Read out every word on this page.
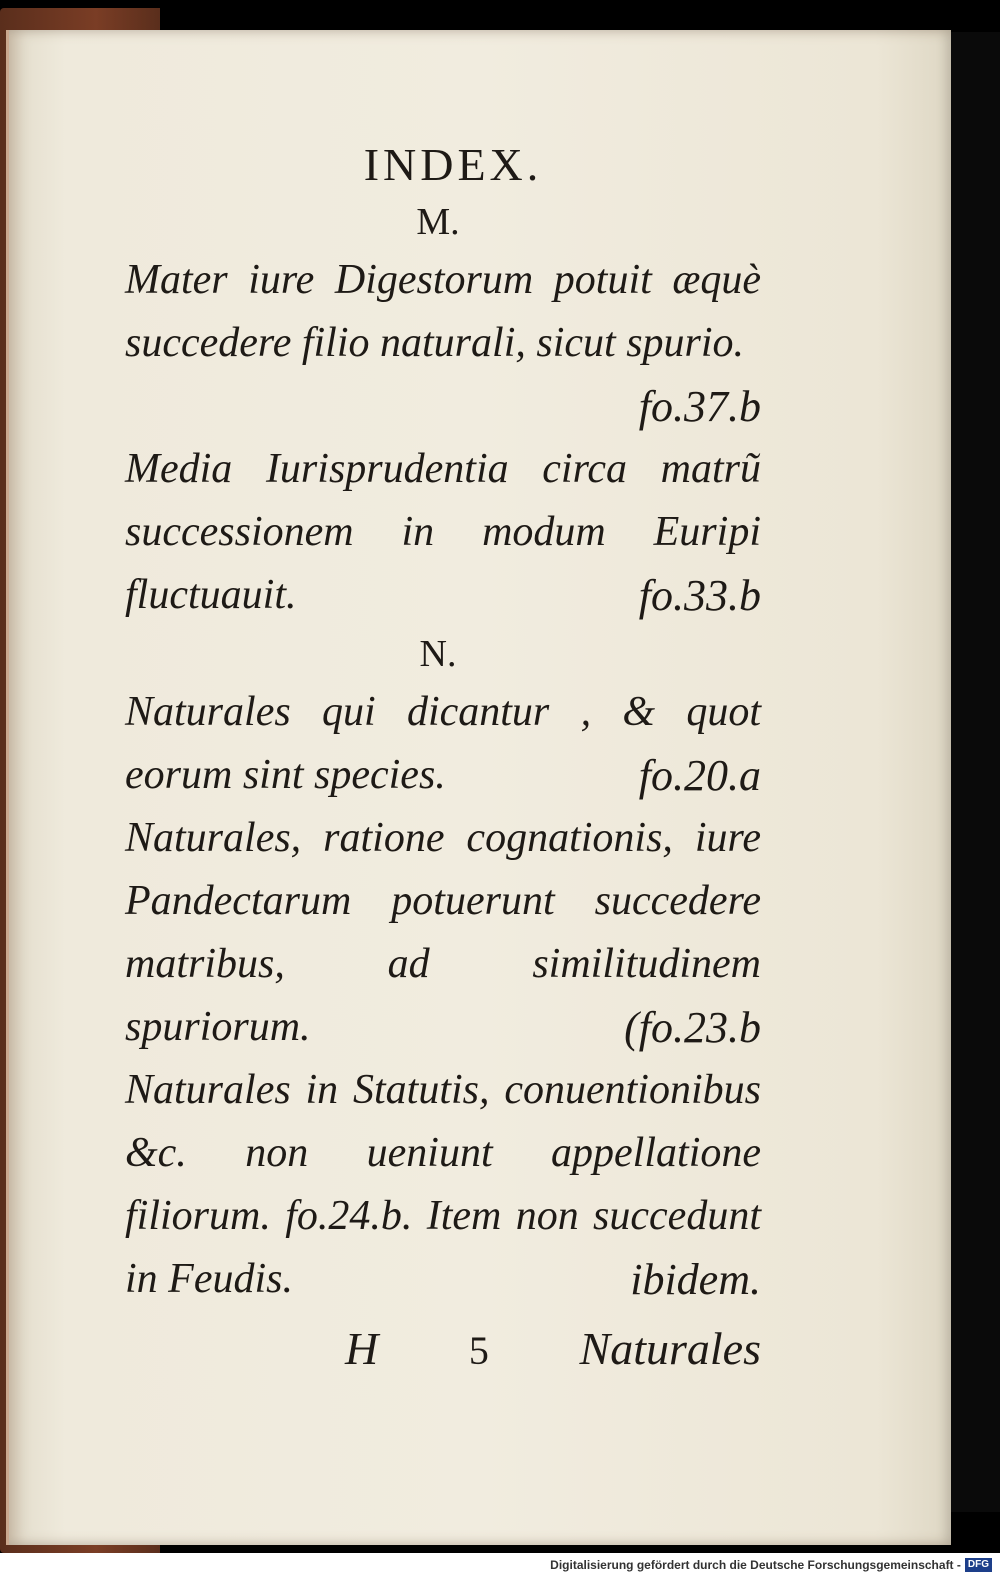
INDEX.
M.
Mater iure Digestorum potuit æquè succedere filio naturali, sicut spurio.
fo.37.b
Media Iurisprudentia circa matrũ successionem in modum Euripi fluctuauit.	fo.33.b
N.
Naturales qui dicantur , & quot eorum sint species.	fo.20.a
Naturales, ratione cognationis, iure Pandectarum potuerunt succedere matribus, ad similitudinem spuriorum.	(fo.23.b
Naturales in Statutis, conuentionibus &c. non ueniunt appellatione filiorum. fo.24.b. Item non succedunt in Feudis.	ibidem.
H 5 Naturales
Digitalisierung gefördert durch die Deutsche Forschungsgemeinschaft - DFG
